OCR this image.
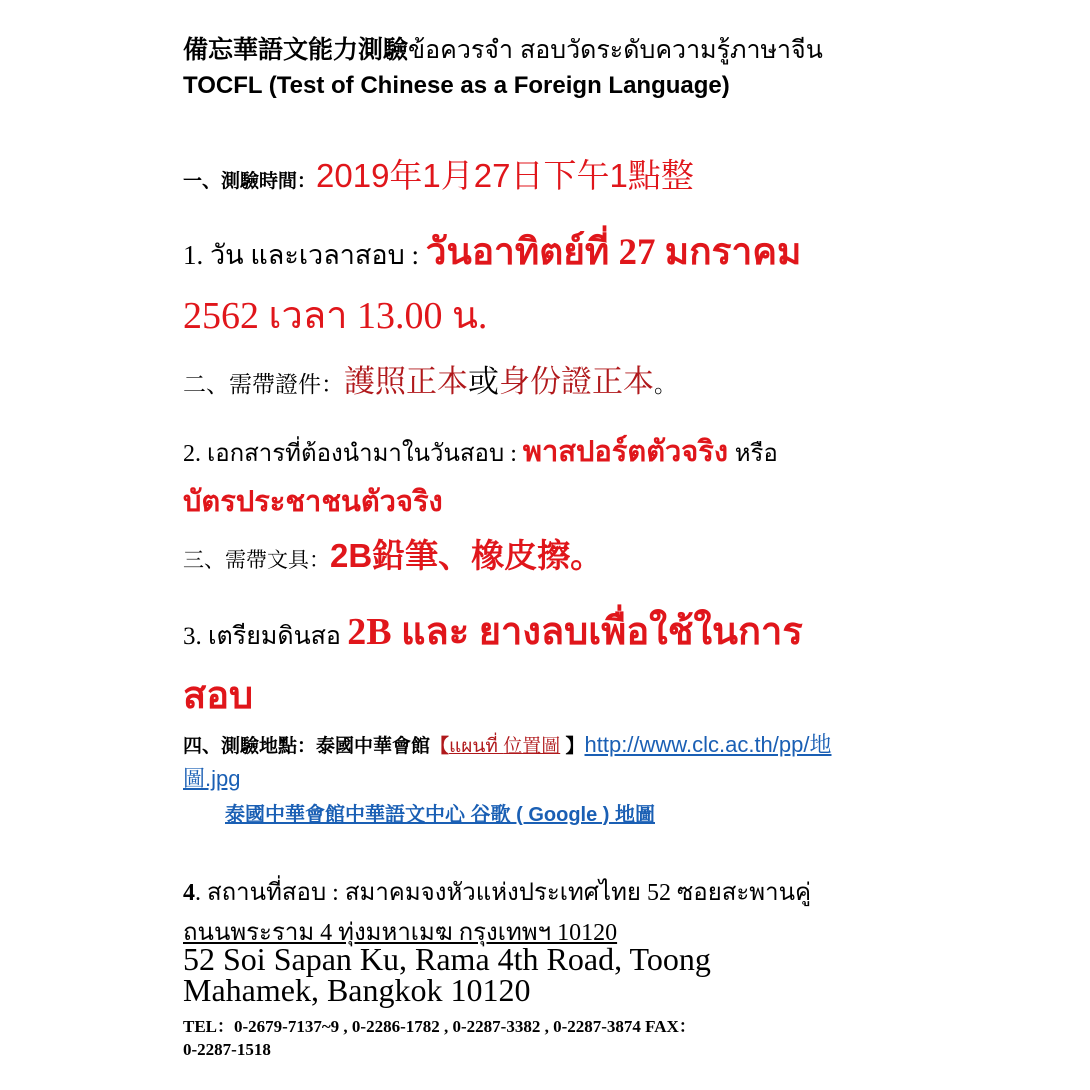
備忘華語文能力測驗ข้อควรจำ สอบวัดระดับความรู้ภาษาจีน
TOCFL (Test of Chinese as a Foreign Language)
一、測驗時間：2019年1月27日下午1點整
1. วัน และเวลาสอบ : วันอาทิตย์ที่ 27 มกราคม
2562 เวลา 13.00 น.
二、需帶證件：護照正本或身份證正本。
2. เอกสารที่ต้องนำมาในวันสอบ : พาสปอร์ตตัวจริง หรือ
บัตรประชาชนตัวจริง
三、需帶文具：2B鉛筆、橡皮擦。
3. เตรียมดินสอ 2B และ ยางลบเพื่อใช้ในการ
สอบ
四、測驗地點：泰國中華會館【แผนที่ 位置圖 】http://www.clc.ac.th/pp/地
圖.jpg
泰國中華會館中華語文中心 谷歌 ( Google ) 地圖
4. สถานที่สอบ : สมาคมจงหัวแห่งประเทศไทย 52 ซอยสะพานคู่
ถนนพระราม 4 ทุ่งมหาเมฆ กรุงเทพฯ 10120
52 Soi Sapan Ku, Rama 4th Road, Toong
Mahamek, Bangkok 10120
TEL：0-2679-7137~9 , 0-2286-1782 , 0-2287-3382 , 0-2287-3874 FAX：
0-2287-1518
